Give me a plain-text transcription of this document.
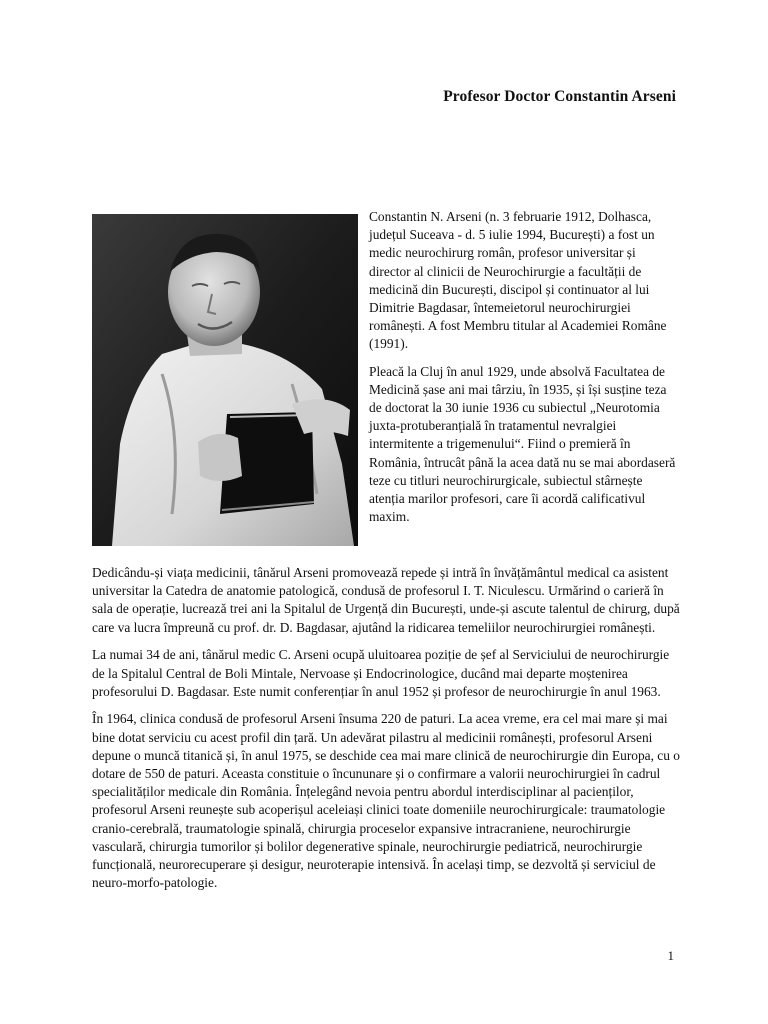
Profesor Doctor Constantin Arseni

Constantin N. Arseni (n. 3 februarie 1912, Dolhasca, județul Suceava - d. 5 iulie 1994, București) a fost un medic neurochirurg român, profesor universitar și director al clinicii de Neurochirurgie a facultății de medicină din București, discipol și continuator al lui Dimitrie Bagdasar, întemeietorul neurochirurgiei românești. A fost Membru titular al Academiei Române (1991).

Pleacă la Cluj în anul 1929, unde absolvă Facultatea de Medicină șase ani mai târziu, în 1935, și își susține teza de doctorat la 30 iunie 1936 cu subiectul „Neurotomia juxta-protuberanțială în tratamentul nevralgiei intermitente a trigemenului“. Fiind o premieră în România, întrucât până la acea dată nu se mai abordaseră teze cu titluri neurochirurgicale, subiectul stârnește atenția marilor profesori, care îi acordă calificativul maxim.

Dedicându-și viața medicinii, tânărul Arseni promovează repede și intră în învățământul medical ca asistent universitar la Catedra de anatomie patologică, condusă de profesorul I. T. Niculescu. Urmărind o carieră în sala de operație, lucrează trei ani la Spitalul de Urgență din București, unde-și ascute talentul de chirurg, după care va lucra împreună cu prof. dr. D. Bagdasar, ajutând la ridicarea temeliilor neurochirurgiei românești.

La numai 34 de ani, tânărul medic C. Arseni ocupă uluitoarea poziție de șef al Serviciului de neurochirurgie de la Spitalul Central de Boli Mintale, Nervoase și Endocrinologice, ducând mai departe moștenirea profesorului D. Bagdasar. Este numit conferențiar în anul 1952 și profesor de neurochirurgie în anul 1963.

În 1964, clinica condusă de profesorul Arseni însuma 220 de paturi. La acea vreme, era cel mai mare și mai bine dotat serviciu cu acest profil din țară. Un adevărat pilastru al medicinii românești, profesorul Arseni depune o muncă titanică și, în anul 1975, se deschide cea mai mare clinică de neurochirurgie din Europa, cu o dotare de 550 de paturi. Aceasta constituie o încununare și o confirmare a valorii neurochirurgiei în cadrul specialităților medicale din România. Înțelegând nevoia pentru abordul interdisciplinar al pacienților, profesorul Arseni reunește sub acoperișul aceleiași clinici toate domeniile neurochirurgicale: traumatologie cranio-cerebrală, traumatologie spinală, chirurgia proceselor expansive intracraniene, neurochirurgie vasculară, chirurgia tumorilor și bolilor degenerative spinale, neurochirurgie pediatrică, neurochirurgie funcțională, neurorecuperare și desigur, neuroterapie intensivă. În același timp, se dezvoltă și serviciul de neuro-morfo-patologie.

1
